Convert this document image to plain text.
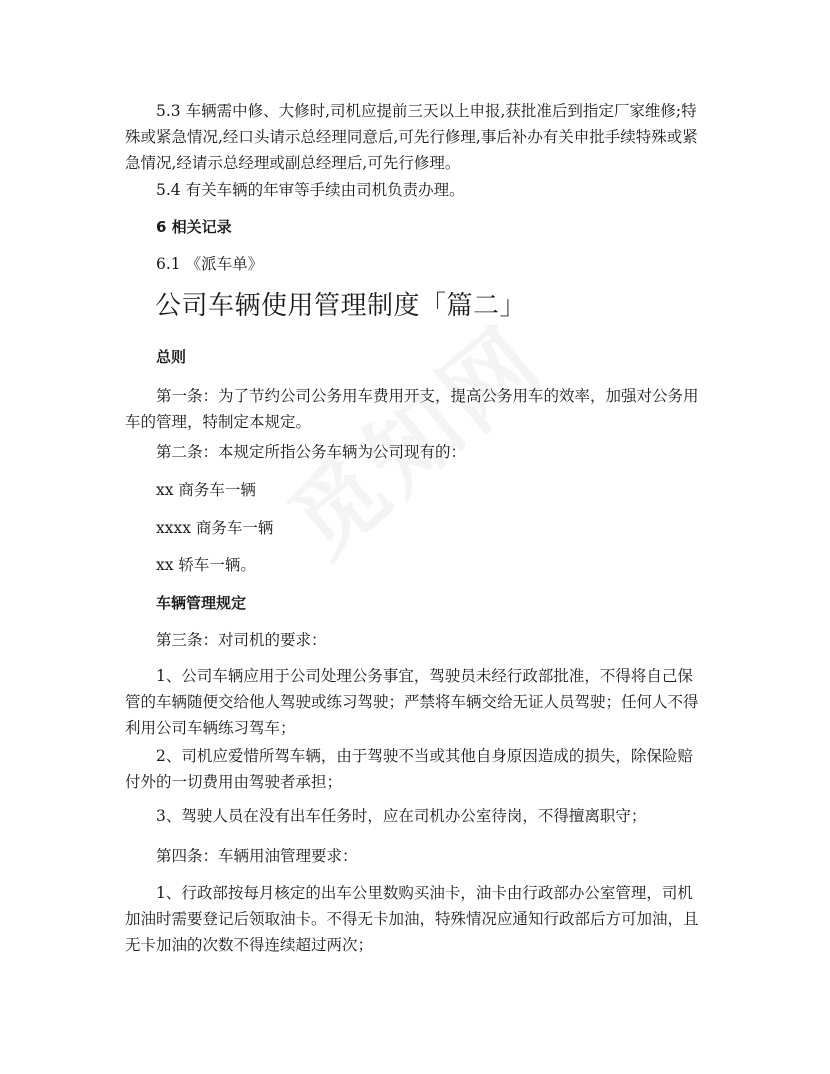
5.3 车辆需中修、大修时,司机应提前三天以上申报,获批准后到指定厂家维修;特殊或紧急情况,经口头请示总经理同意后,可先行修理,事后补办有关申批手续特殊或紧急情况,经请示总经理或副总经理后,可先行修理。

5.4 有关车辆的年审等手续由司机负责办理。

6 相关记录

6.1 《派车单》

公司车辆使用管理制度「篇二」

总则

第一条：为了节约公司公务用车费用开支，提高公务用车的效率，加强对公务用车的管理，特制定本规定。

第二条：本规定所指公务车辆为公司现有的：

xx 商务车一辆

xxxx 商务车一辆

xx 轿车一辆。

车辆管理规定

第三条：对司机的要求：

1、公司车辆应用于公司处理公务事宜，驾驶员未经行政部批准，不得将自己保管的车辆随便交给他人驾驶或练习驾驶；严禁将车辆交给无证人员驾驶；任何人不得利用公司车辆练习驾车；

2、司机应爱惜所驾车辆，由于驾驶不当或其他自身原因造成的损失，除保险赔付外的一切费用由驾驶者承担；

3、驾驶人员在没有出车任务时，应在司机办公室待岗，不得擅离职守；

第四条：车辆用油管理要求：

1、行政部按每月核定的出车公里数购买油卡，油卡由行政部办公室管理，司机加油时需要登记后领取油卡。不得无卡加油，特殊情况应通知行政部后方可加油，且无卡加油的次数不得连续超过两次；
